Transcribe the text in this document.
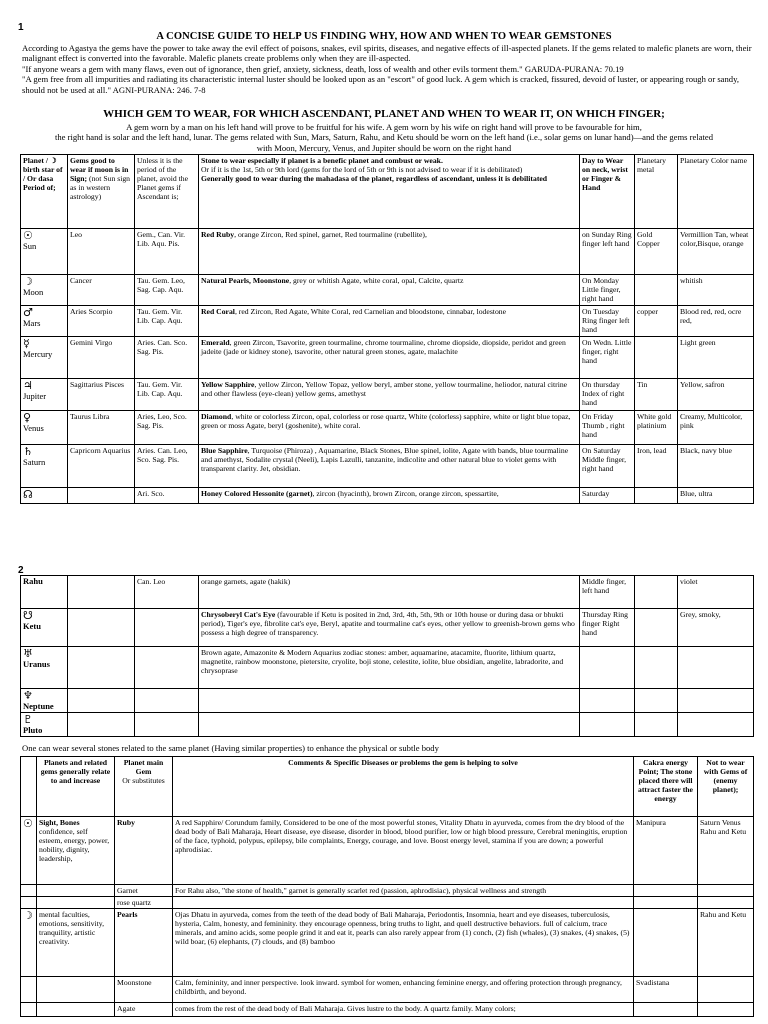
1
A CONCISE GUIDE TO HELP US FINDING WHY, HOW AND WHEN TO WEAR GEMSTONES
According to Agastya the gems have the power to take away the evil effect of poisons, snakes, evil spirits, diseases, and negative effects of ill-aspected planets. If the gems related to malefic planets are worn, their malignant effect is converted into the favorable. Malefic planets create problems only when they are ill-aspected.
"If anyone wears a gem with many flaws, even out of ignorance, then grief, anxiety, sickness, death, loss of wealth and other evils torment them." GARUDA-PURANA: 70.19
"A gem free from all impurities and radiating its characteristic internal luster should be looked upon as an "escort" of good luck. A gem which is cracked, fissured, devoid of luster, or appearing rough or sandy, should not be used at all." AGNI-PURANA: 246. 7-8
WHICH GEM TO WEAR, FOR WHICH ASCENDANT, PLANET AND WHEN TO WEAR IT, ON WHICH FINGER;
A gem worn by a man on his left hand will prove to be fruitful for his wife. A gem worn by his wife on right hand will prove to be favourable for him,
the right hand is solar and the left hand, lunar. The gems related with Sun, Mars, Saturn, Rahu, and Ketu should be worn on the left hand (i.e., solar gems on lunar hand)—and the gems related
with Moon, Mercury, Venus, and Jupiter should be worn on the right hand
Planet / ☽ birth star of / Or dasa Period of;	Gems good to wear if moon is in Sign; (not Sun sign as in western astrology)	Unless it is the period of the planet, avoid the Planet gems if Ascendant is;	Stone to wear especially if planet is a benefic planet and combust or weak.
Or if it is the 1st, 5th or 9th lord (gems for the lord of 5th or 9th is not advised to wear if it is debilitated)
Generally good to wear during the mahadasa of the planet, regardless of ascendant, unless it is debilitated	Day to Wear on neck, wrist or Finger & Hand	Planetary metal	Planetary Color name

☉
Sun	Leo	Gem., Can. Vir. Lib. Aqu. Pis.	Red Ruby, orange Zircon, Red spinel, garnet, Red tourmaline (rubellite),	on Sunday Ring finger left hand	Gold Copper	Vermillion Tan, wheat color,Bisque, orange

☽
Moon	Cancer	Tau. Gem. Leo, Sag. Cap. Aqu.	Natural Pearls, Moonstone, grey or whitish Agate, white coral, opal, Calcite, quartz	On Monday Little finger, right hand		whitish

♂
Mars	Aries Scorpio	Tau. Gem. Vir. Lib. Cap. Aqu.	Red Coral, red Zircon, Red Agate, White Coral, red Carnelian and bloodstone, cinnabar, lodestone	On Tuesday Ring finger left hand	copper	Blood red, red, ocre red,

☿
Mercury	Gemini Virgo	Aries. Can. Sco. Sag. Pis.	Emerald, green Zircon, Tsavorite, green tourmaline, chrome tourmaline, chrome diopside, diopside, peridot and green jadeite (jade or kidney stone), tsavorite, other natural green stones, agate, malachite	On Wedn. Little finger, right hand		Light green

♃
Jupiter	Sagittarius Pisces	Tau. Gem. Vir. Lib. Cap. Aqu.	Yellow Sapphire, yellow Zircon, Yellow Topaz, yellow beryl, amber stone, yellow tourmaline, heliodor, natural citrine and other flawless (eye-clean) yellow gems, amethyst	On thursday Index of right hand	Tin	Yellow, safron

♀
Venus	Taurus Libra	Aries, Leo, Sco. Sag. Pis.	Diamond, white or colorless Zircon, opal, colorless or rose quartz, White (colorless) sapphire, white or light blue topaz, green or moss Agate, beryl (goshenite), white coral.	On Friday Thumb , right hand	White gold platinium	Creamy, Multicolor, pink

♄
Saturn	Capricorn Aquarius	Aries. Can. Leo, Sco. Sag. Pis.	Blue Sapphire, Turquoise (Phiroza) , Aquamarine, Black Stones, Blue spinel, iolite, Agate with bands, blue tourmaline and amethyst, Sodalite crystal (Neeli), Lapis Lazulli, tanzanite, indicolite and other natural blue to violet gems with transparent clarity. Jet, obsidian.	On Saturday Middle finger, right hand	Iron, lead	Black, navy blue

☊		Ari. Sco.	Honey Colored Hessonite (garnet), zircon (hyacinth), brown Zircon, orange zircon, spessartite,	Saturday		Blue, ultra
2
Rahu		Can. Leo	orange garnets, agate (hakik)	Middle finger, left hand		violet

☋
Ketu			Chrysoberyl Cat's Eye (favourable if Ketu is posited in 2nd, 3rd, 4th, 5th, 9th or 10th house or during dasa or bhukti period), Tiger's eye, fibrolite cat's eye, Beryl, apatite and tourmaline cat's eyes, other yellow to greenish-brown gems who possess a high degree of transparency.	Thursday Ring finger Right hand		Grey, smoky,

♅
Uranus			Brown agate, Amazonite & Modern Aquarius zodiac stones: amber, aquamarine, atacamite, fluorite, lithium quartz, magnetite, rainbow moonstone, pietersite, cryolite, boji stone, celestite, iolite, blue obsidian, angelite, labradorite, and chrysoprase			

♆
Neptune						

♇
Pluto						

One can wear several stones related to the same planet (Having similar properties) to enhance the physical or subtle body
	Planets and related gems generally relate to and increase	Planet main Gem
Or substitutes	Comments & Specific Diseases or problems the gem is helping to solve	Cakra energy Point; The stone placed there will attract faster the energy	Not to wear with Gems of (enemy planet);

☉	Sight, Bones confidence, self esteem, energy, power, nobility, dignity, leadership,	Ruby	A red Sapphire/ Corundum family, Considered to be one of the most powerful stones, Vitality Dhatu in ayurveda, comes from the dry blood of the dead body of Bali Maharaja, Heart disease, eye disease, disorder in blood, blood purifier, low or high blood pressure, Cerebral meningitis, eruption of the face, typhoid, polypus, epilepsy, bile complaints, Energy, courage, and love. Boost energy level, stamina if you are down; a powerful aphrodisiac.	Manipura	Saturn Venus Rahu and Ketu

		Garnet	For Rahu also, "the stone of health," garnet is generally scarlet red (passion, aphrodisiac), physical wellness and strength		

		rose quartz			

☽	mental faculties, emotions, sensitivity, tranquility, artistic creativity.	Pearls	Ojas Dhatu in ayurveda, comes from the teeth of the dead body of Bali Maharaja, Periodontis, Insomnia, heart and eye diseases, tuberculosis, hysteria, Calm, honesty, and femininity. they encourage openness, bring truths to light, and quell destructive behaviors. full of calcium, trace minerals, and amino acids, some people grind it and eat it, pearls can also rarely appear from (1) conch, (2) fish (whales), (3) snakes, (4) snakes, (5) wild boar, (6) elephants, (7) clouds, and (8) bamboo		Rahu and Ketu

		Moonstone	Calm, femininity, and inner perspective. look inward. symbol for women, enhancing feminine energy, and offering protection through pregnancy, childbirth, and beyond.	Svadistana	

		Agate	comes from the rest of the dead body of Bali Maharaja. Gives lustre to the body. A quartz family. Many colors;		
